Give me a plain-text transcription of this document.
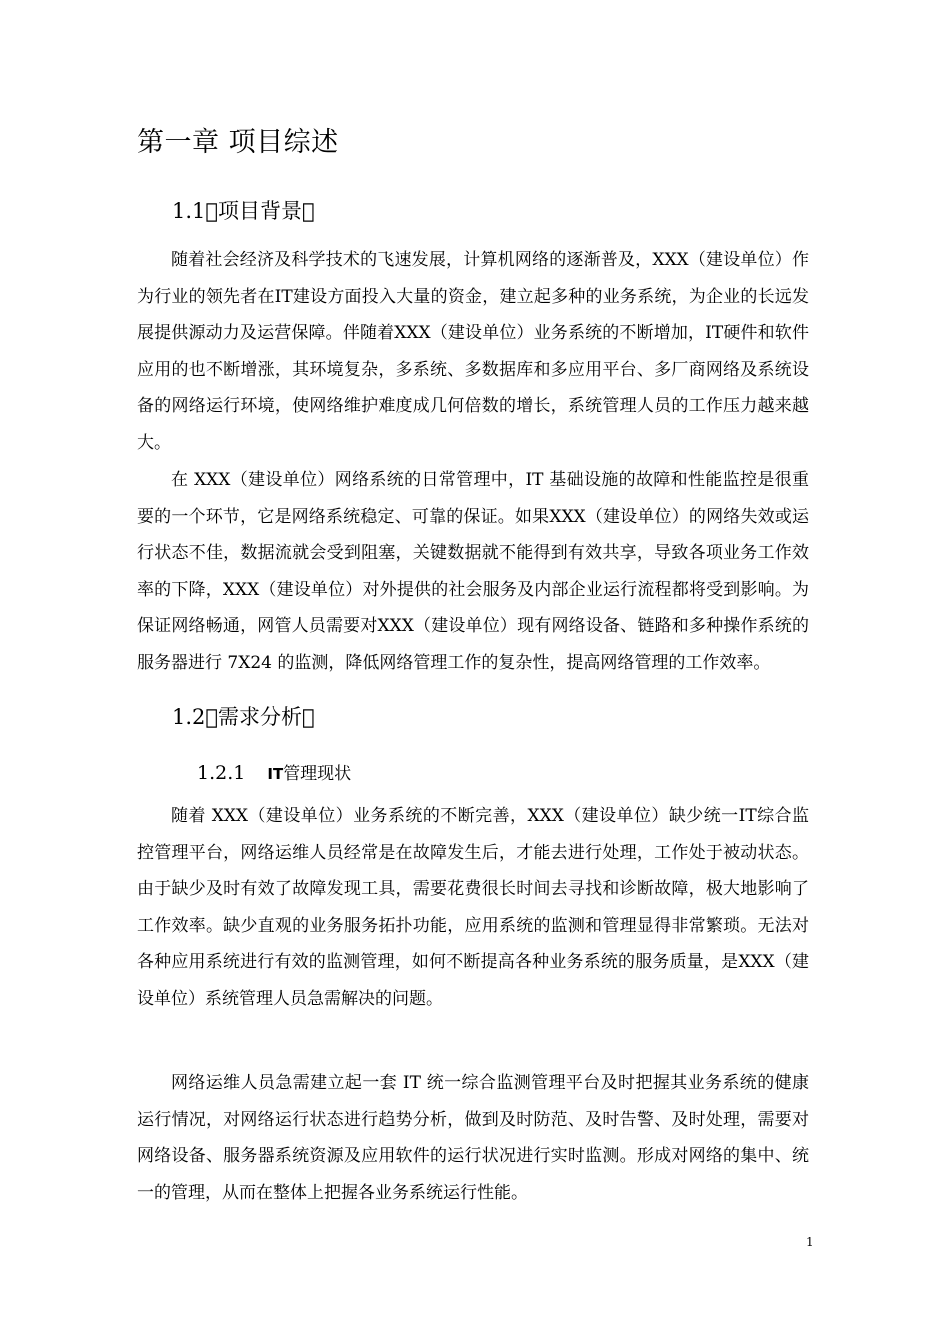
第一章 项目综述
1.1 项目背景 

随着社会经济及科学技术的飞速发展，计算机网络的逐渐普及，XXX（建设单位）作为行业的领先者在IT建设方面投入大量的资金，建立起多种的业务系统，为企业的长远发展提供源动力及运营保障。伴随着XXX（建设单位）业务系统的不断增加，IT硬件和软件应用的也不断增涨，其环境复杂，多系统、多数据库和多应用平台、多厂商网络及系统设备的网络运行环境，使网络维护难度成几何倍数的增长，系统管理人员的工作压力越来越大。

在 XXX（建设单位）网络系统的日常管理中，IT 基础设施的故障和性能监控是很重要的一个环节，它是网络系统稳定、可靠的保证。如果XXX（建设单位）的网络失效或运行状态不佳，数据流就会受到阻塞，关键数据就不能得到有效共享，导致各项业务工作效率的下降，XXX（建设单位）对外提供的社会服务及内部企业运行流程都将受到影响。为保证网络畅通，网管人员需要对XXX（建设单位）现有网络设备、链路和多种操作系统的服务器进行 7X24 的监测，降低网络管理工作的复杂性，提高网络管理的工作效率。

1.2 需求分析 
1.2.1 IT管理现状

随着 XXX（建设单位）业务系统的不断完善，XXX（建设单位）缺少统一IT综合监控管理平台，网络运维人员经常是在故障发生后，才能去进行处理，工作处于被动状态。由于缺少及时有效了故障发现工具，需要花费很长时间去寻找和诊断故障，极大地影响了工作效率。缺少直观的业务服务拓扑功能，应用系统的监测和管理显得非常繁琐。无法对各种应用系统进行有效的监测管理，如何不断提高各种业务系统的服务质量，是XXX（建设单位）系统管理人员急需解决的问题。

网络运维人员急需建立起一套 IT 统一综合监测管理平台及时把握其业务系统的健康运行情况，对网络运行状态进行趋势分析，做到及时防范、及时告警、及时处理，需要对网络设备、服务器系统资源及应用软件的运行状况进行实时监测。形成对网络的集中、统一的管理，从而在整体上把握各业务系统运行性能。

1
